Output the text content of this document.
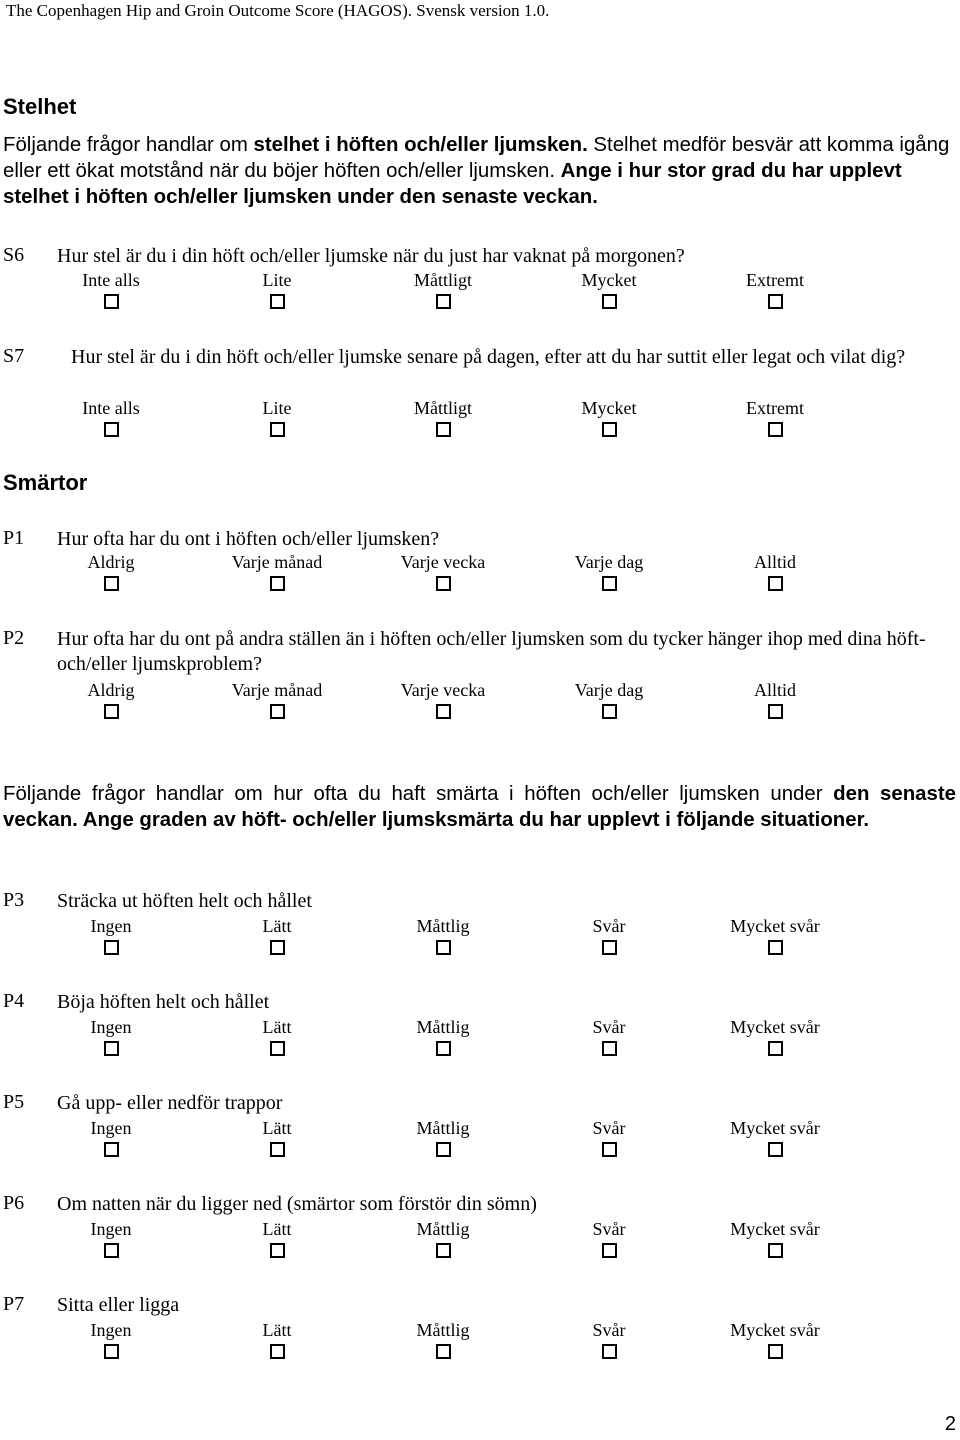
The Copenhagen Hip and Groin Outcome Score (HAGOS). Svensk version 1.0.
Stelhet
Följande frågor handlar om stelhet i höften och/eller ljumsken. Stelhet medför besvär att komma igång eller ett ökat motstånd när du böjer höften och/eller ljumsken. Ange i hur stor grad du har upplevt stelhet i höften och/eller ljumsken under den senaste veckan.
S6 Hur stel är du i din höft och/eller ljumske när du just har vaknat på morgonen?
Inte alls	Lite	Måttligt	Mycket	Extremt
S7 Hur stel är du i din höft och/eller ljumske senare på dagen, efter att du har suttit eller legat och vilat dig?
Inte alls	Lite	Måttligt	Mycket	Extremt
Smärtor
P1 Hur ofta har du ont i höften och/eller ljumsken?
Aldrig	Varje månad	Varje vecka	Varje dag	Alltid
P2 Hur ofta har du ont på andra ställen än i höften och/eller ljumsken som du tycker hänger ihop med dina höft- och/eller ljumskproblem?
Aldrig	Varje månad	Varje vecka	Varje dag	Alltid
Följande frågor handlar om hur ofta du haft smärta i höften och/eller ljumsken under den senaste veckan. Ange graden av höft- och/eller ljumsksmärta du har upplevt i följande situationer.
P3 Sträcka ut höften helt och hållet
Ingen	Lätt	Måttlig	Svår	Mycket svår
P4 Böja höften helt och hållet
Ingen	Lätt	Måttlig	Svår	Mycket svår
P5 Gå upp- eller nedför trappor
Ingen	Lätt	Måttlig	Svår	Mycket svår
P6 Om natten när du ligger ned (smärtor som förstör din sömn)
Ingen	Lätt	Måttlig	Svår	Mycket svår
P7 Sitta eller ligga
Ingen	Lätt	Måttlig	Svår	Mycket svår
2
